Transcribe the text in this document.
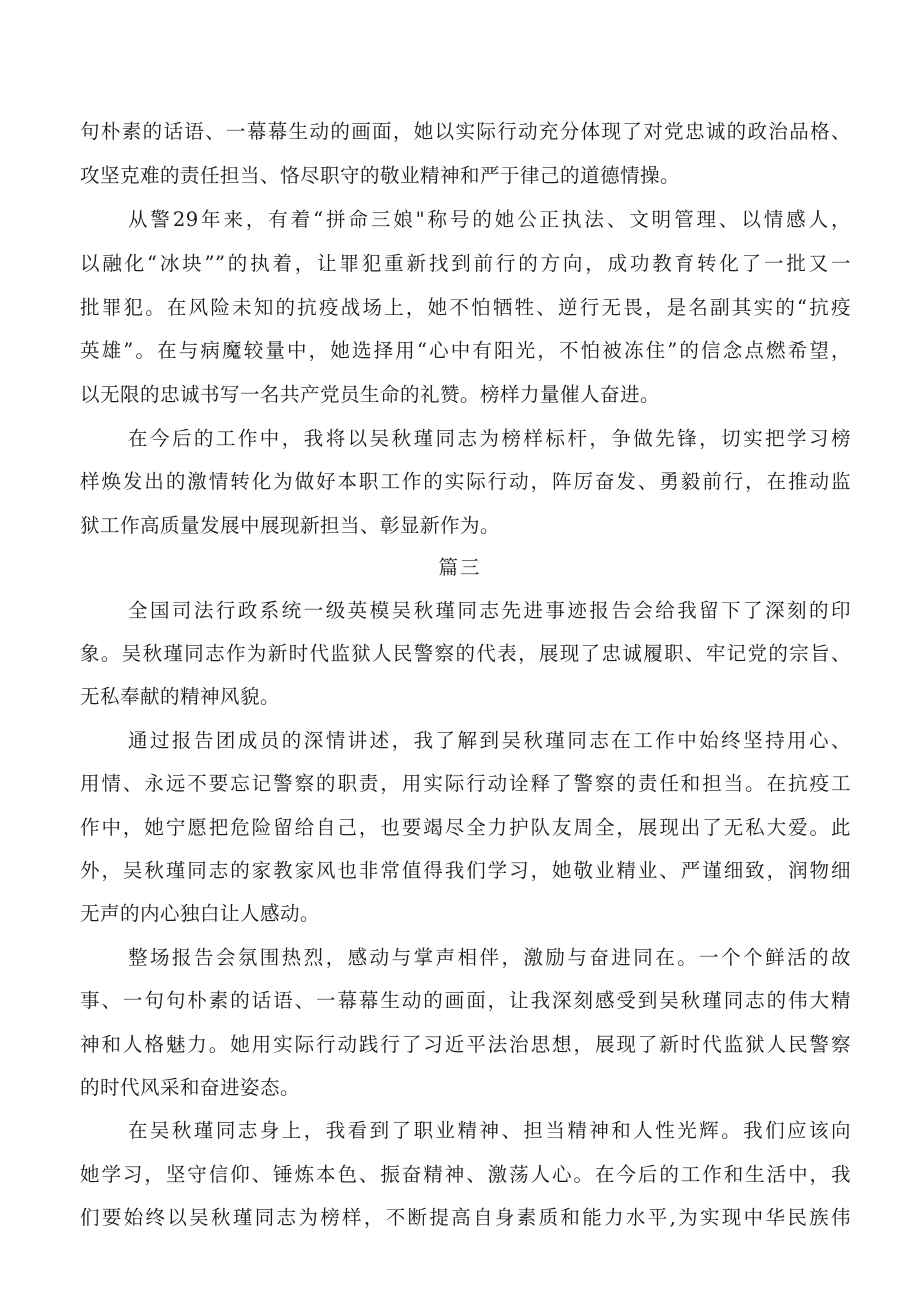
句朴素的话语、一幕幕生动的画面，她以实际行动充分体现了对党忠诚的政治品格、
攻坚克难的责任担当、恪尽职守的敬业精神和严于律己的道德情操。
从警29年来，有着“拼命三娘"称号的她公正执法、文明管理、以情感人，
以融化“冰块””的执着，让罪犯重新找到前行的方向，成功教育转化了一批又一
批罪犯。在风险未知的抗疫战场上，她不怕牺牲、逆行无畏，是名副其实的“抗疫
英雄”。在与病魔较量中，她选择用“心中有阳光，不怕被冻住”的信念点燃希望，
以无限的忠诚书写一名共产党员生命的礼赞。榜样力量催人奋进。
在今后的工作中，我将以吴秋瑾同志为榜样标杆，争做先锋，切实把学习榜
样焕发出的激情转化为做好本职工作的实际行动，阵厉奋发、勇毅前行，在推动监
狱工作高质量发展中展现新担当、彰显新作为。
篇三
全国司法行政系统一级英模吴秋瑾同志先进事迹报告会给我留下了深刻的印
象。吴秋瑾同志作为新时代监狱人民警察的代表，展现了忠诚履职、牢记党的宗旨、
无私奉献的精神风貌。
通过报告团成员的深情讲述，我了解到吴秋瑾同志在工作中始终坚持用心、
用情、永远不要忘记警察的职责，用实际行动诠释了警察的责任和担当。在抗疫工
作中，她宁愿把危险留给自己，也要竭尽全力护队友周全，展现出了无私大爱。此
外，吴秋瑾同志的家教家风也非常值得我们学习，她敬业精业、严谨细致，润物细
无声的内心独白让人感动。
整场报告会氛围热烈，感动与掌声相伴，激励与奋进同在。一个个鲜活的故
事、一句句朴素的话语、一幕幕生动的画面，让我深刻感受到吴秋瑾同志的伟大精
神和人格魅力。她用实际行动践行了习近平法治思想，展现了新时代监狱人民警察
的时代风采和奋进姿态。
在吴秋瑾同志身上，我看到了职业精神、担当精神和人性光辉。我们应该向
她学习，坚守信仰、锤炼本色、振奋精神、激荡人心。在今后的工作和生活中，我
们要始终以吴秋瑾同志为榜样，不断提高自身素质和能力水平,为实现中华民族伟
